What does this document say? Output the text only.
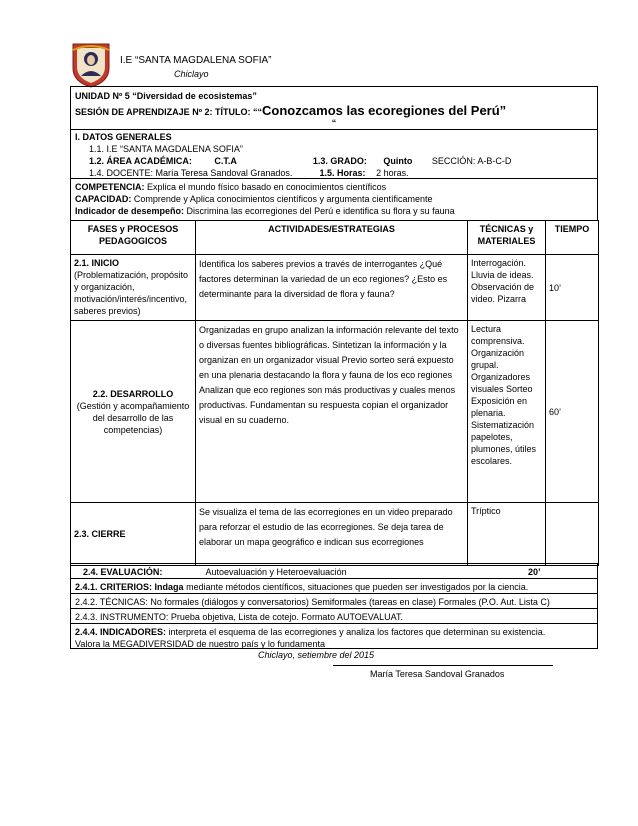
I.E “SANTA MAGDALENA SOFIA”
Chiclayo
UNIDAD Nº 5 “Diversidad de ecosistemas”
SESIÓN DE APRENDIZAJE Nº 2: TÍTULO: ““Conozcamos las ecoregiones del Perú”
“
I. DATOS GENERALES
1.1. I.E “SANTA MAGDALENA SOFIA”
1.2. ÁREA ACADÉMICA:	C.T.A	1.3. GRADO: Quinto SECCIÓN: A-B-C-D
1.4. DOCENTE: María Teresa Sandoval Granados.	1.5. Horas: 2 horas.
COMPETENCIA: Explica el mundo físico basado en conocimientos científicos
CAPACIDAD: Comprende y Aplica conocimientos científicos y argumenta científicamente
Indicador de desempeño: Discrimina las ecorregiones del Perú e identifica su flora y su fauna
FASES y PROCESOS PEDAGOGICOS	ACTIVIDADES/ESTRATEGIAS	TÉCNICAS y MATERIALES	TIEMPO

2.1. INICIO
(Problematización, propósito y organización, motivación/interés/incentivo, saberes previos)	Identifica los saberes previos a través de interrogantes ¿Qué factores determinan la variedad de un eco regiones? ¿Esto es determinante para la diversidad de flora y fauna?	Interrogación. Lluvia de ideas. Observación de video. Pizarra	10’

2.2. DESARROLLO
(Gestión y acompañamiento del desarrollo de las competencias)	Organizadas en grupo analizan la información relevante del texto o diversas fuentes bibliográficas. Sintetizan la información y la organizan en un organizador visual Previo sorteo será expuesto en una plenaria destacando la flora y fauna de los eco regiones Analizan que eco regiones son más productivas y cuales menos productivas. Fundamentan su respuesta copian el organizador visual en su cuaderno.	Lectura comprensiva. Organización grupal. Organizadores visuales Sorteo Exposición en plenaria. Sistematización papelotes, plumones, útiles escolares.	60’

2.3. CIERRE	Se visualiza el tema de las ecorregiones en un video preparado para reforzar el estudio de las ecorregiones. Se deja tarea de elaborar un mapa geográfico e indican sus ecorregiones	Tríptico	
2.4. EVALUACIÓN:	Autoevaluación y Heteroevaluación	20’
2.4.1. CRITERIOS: Indaga mediante métodos científicos, situaciones que pueden ser investigados por la ciencia.
2.4.2. TÉCNICAS: No formales (diálogos y conversatorios) Semiformales (tareas en clase) Formales (P.O. Aut. Lista C)
2.4.3. INSTRUMENTO: Prueba objetiva, Lista de cotejo. Formato AUTOEVALUAT.
2.4.4. INDICADORES: interpreta el esquema de las ecorregiones y analiza los factores que determinan su existencia.
Valora la MEGADIVERSIDAD de nuestro país y lo fundamenta
Chiclayo, setiembre del 2015
María Teresa Sandoval Granados
